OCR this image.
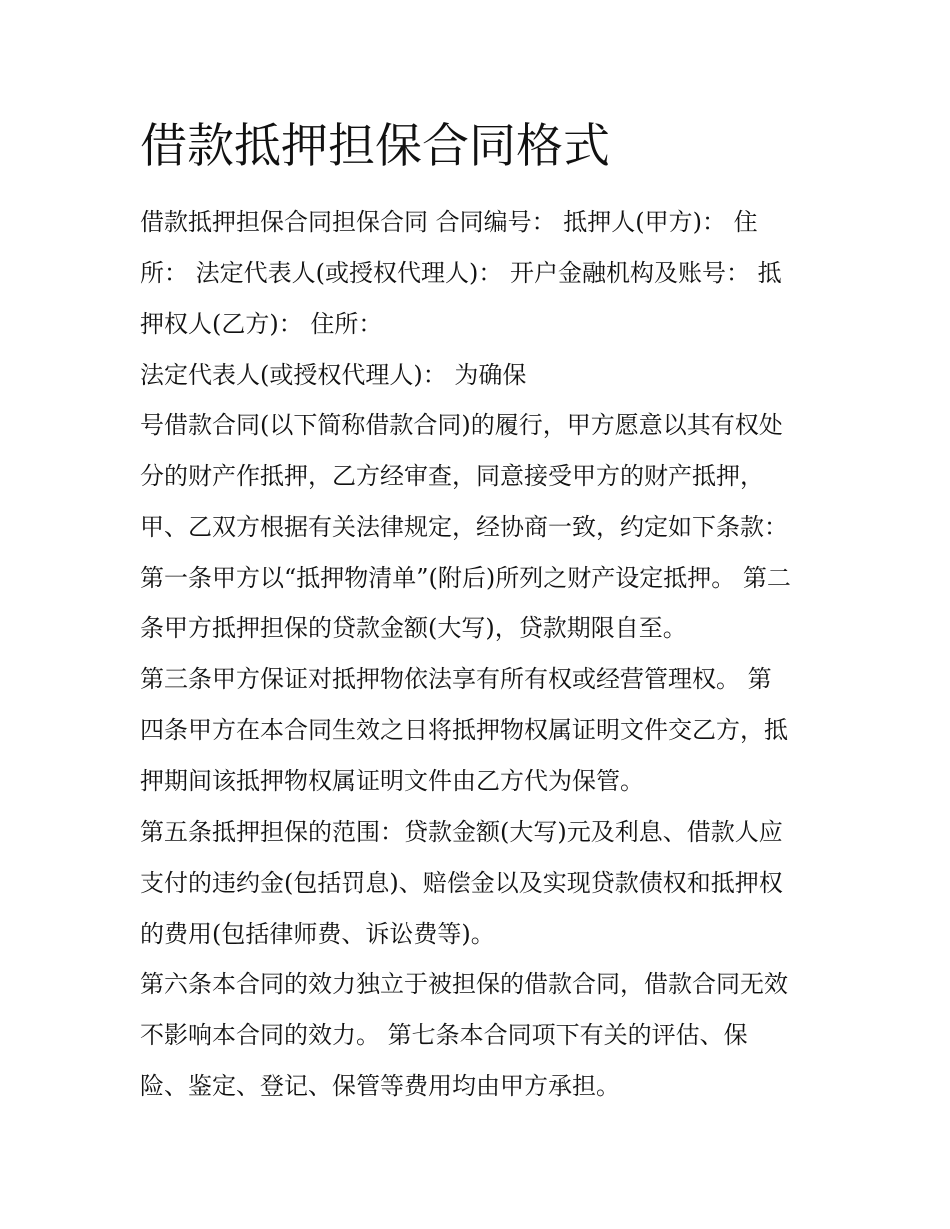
借款抵押担保合同格式
借款抵押担保合同担保合同 合同编号： 抵押人(甲方)： 住
所： 法定代表人(或授权代理人)： 开户金融机构及账号： 抵
押权人(乙方)： 住所：
法定代表人(或授权代理人)： 为确保
号借款合同(以下简称借款合同)的履行，甲方愿意以其有权处
分的财产作抵押，乙方经审查，同意接受甲方的财产抵押，
甲、乙双方根据有关法律规定，经协商一致，约定如下条款：
第一条甲方以“抵押物清单”(附后)所列之财产设定抵押。 第二
条甲方抵押担保的贷款金额(大写)，贷款期限自至。
第三条甲方保证对抵押物依法享有所有权或经营管理权。 第
四条甲方在本合同生效之日将抵押物权属证明文件交乙方，抵
押期间该抵押物权属证明文件由乙方代为保管。
第五条抵押担保的范围：贷款金额(大写)元及利息、借款人应
支付的违约金(包括罚息)、赔偿金以及实现贷款债权和抵押权
的费用(包括律师费、诉讼费等)。
第六条本合同的效力独立于被担保的借款合同，借款合同无效
不影响本合同的效力。 第七条本合同项下有关的评估、保
险、鉴定、登记、保管等费用均由甲方承担。
